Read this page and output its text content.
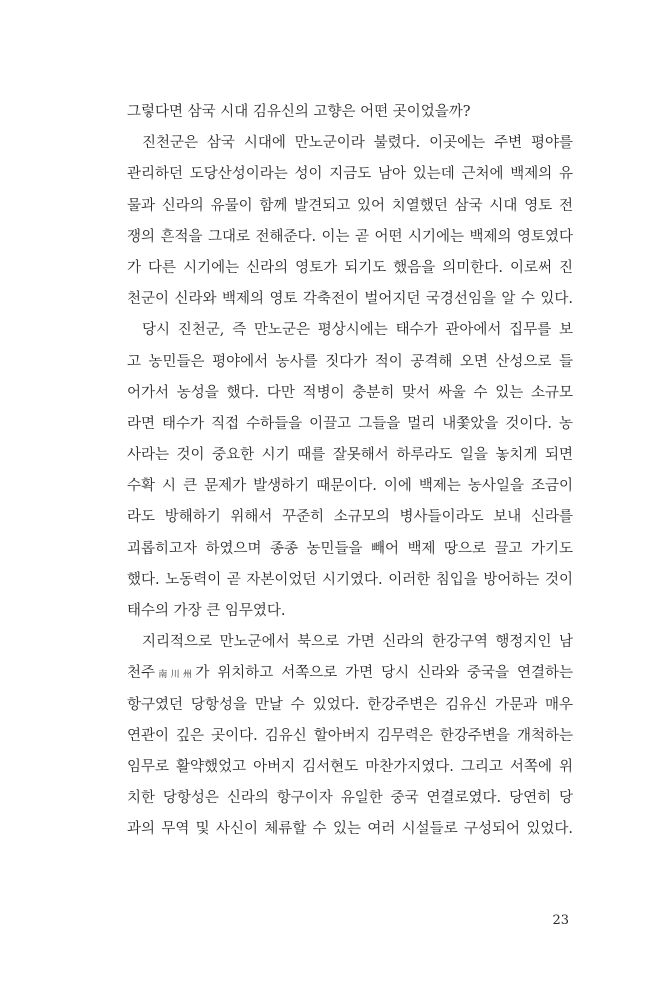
그렇다면 삼국 시대 김유신의 고향은 어떤 곳이었을까?
진천군은 삼국 시대에 만노군이라 불렸다. 이곳에는 주변 평야를
관리하던 도당산성이라는 성이 지금도 남아 있는데 근처에 백제의 유
물과 신라의 유물이 함께 발견되고 있어 치열했던 삼국 시대 영토 전
쟁의 흔적을 그대로 전해준다. 이는 곧 어떤 시기에는 백제의 영토였다
가 다른 시기에는 신라의 영토가 되기도 했음을 의미한다. 이로써 진
천군이 신라와 백제의 영토 각축전이 벌어지던 국경선임을 알 수 있다.
당시 진천군, 즉 만노군은 평상시에는 태수가 관아에서 집무를 보
고 농민들은 평야에서 농사를 짓다가 적이 공격해 오면 산성으로 들
어가서 농성을 했다. 다만 적병이 충분히 맞서 싸울 수 있는 소규모
라면 태수가 직접 수하들을 이끌고 그들을 멀리 내쫓았을 것이다. 농
사라는 것이 중요한 시기 때를 잘못해서 하루라도 일을 놓치게 되면
수확 시 큰 문제가 발생하기 때문이다. 이에 백제는 농사일을 조금이
라도 방해하기 위해서 꾸준히 소규모의 병사들이라도 보내 신라를
괴롭히고자 하였으며 종종 농민들을 빼어 백제 땅으로 끌고 가기도
했다. 노동력이 곧 자본이었던 시기였다. 이러한 침입을 방어하는 것이
태수의 가장 큰 임무였다.
지리적으로 만노군에서 북으로 가면 신라의 한강구역 행정지인 남
천주南川州가 위치하고 서쪽으로 가면 당시 신라와 중국을 연결하는
항구였던 당항성을 만날 수 있었다. 한강주변은 김유신 가문과 매우
연관이 깊은 곳이다. 김유신 할아버지 김무력은 한강주변을 개척하는
임무로 활약했었고 아버지 김서현도 마찬가지였다. 그리고 서쪽에 위
치한 당항성은 신라의 항구이자 유일한 중국 연결로였다. 당연히 당
과의 무역 및 사신이 체류할 수 있는 여러 시설들로 구성되어 있었다.
23
